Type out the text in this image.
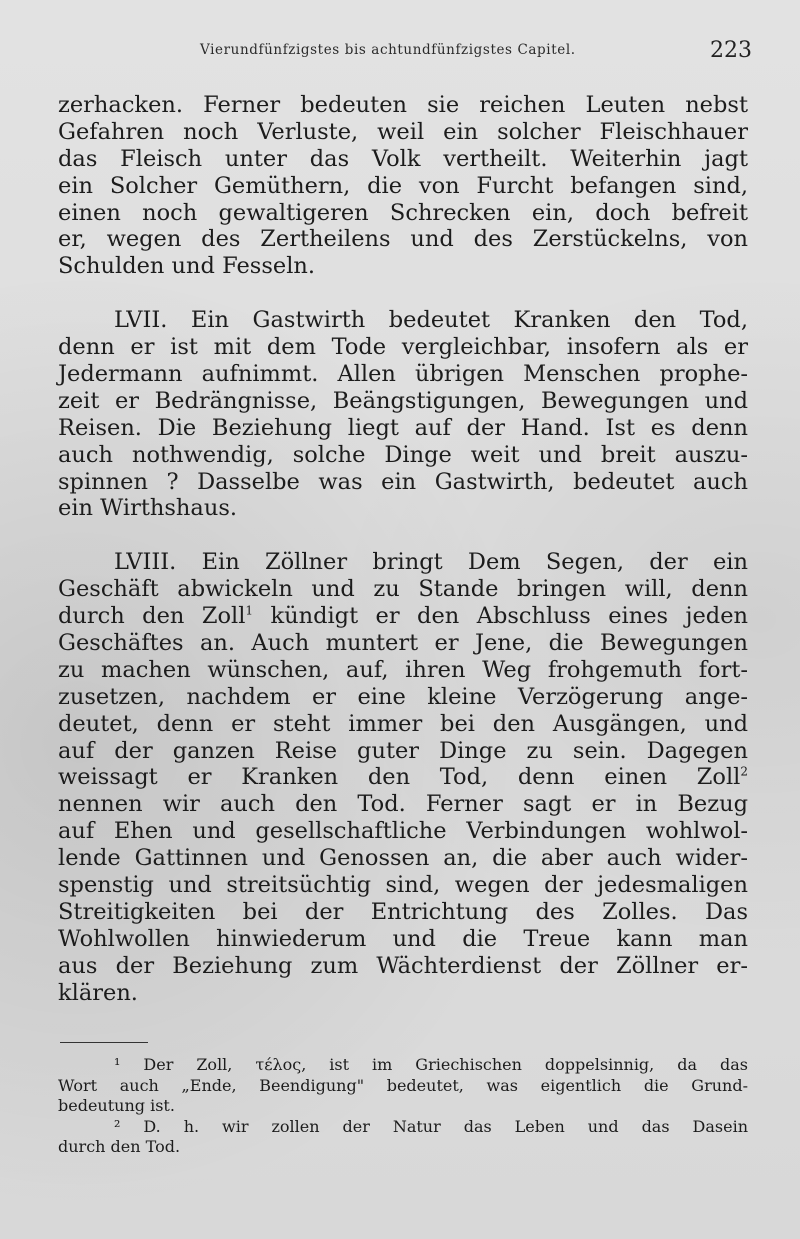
Vierundfünfzigstes bis achtundfünfzigstes Capitel.	223
zerhacken. Ferner bedeuten sie reichen Leuten nebst
Gefahren noch Verluste, weil ein solcher Fleischhauer
das Fleisch unter das Volk vertheilt. Weiterhin jagt
ein Solcher Gemüthern, die von Furcht befangen sind,
einen noch gewaltigeren Schrecken ein, doch befreit
er, wegen des Zertheilens und des Zerstückelns, von
Schulden und Fesseln.
LVII. Ein Gastwirth bedeutet Kranken den Tod,
denn er ist mit dem Tode vergleichbar, insofern als er
Jedermann aufnimmt. Allen übrigen Menschen prophe-
zeit er Bedrängnisse, Beängstigungen, Bewegungen und
Reisen. Die Beziehung liegt auf der Hand. Ist es denn
auch nothwendig, solche Dinge weit und breit auszu-
spinnen ? Dasselbe was ein Gastwirth, bedeutet auch
ein Wirthshaus.
LVIII. Ein Zöllner bringt Dem Segen, der ein
Geschäft abwickeln und zu Stande bringen will, denn
durch den Zoll$^1$ kündigt er den Abschluss eines jeden
Geschäftes an. Auch muntert er Jene, die Bewegungen
zu machen wünschen, auf, ihren Weg frohgemuth fort-
zusetzen, nachdem er eine kleine Verzögerung ange-
deutet, denn er steht immer bei den Ausgängen, und
auf der ganzen Reise guter Dinge zu sein. Dagegen
weissagt er Kranken den Tod, denn einen Zoll$^2$
nennen wir auch den Tod. Ferner sagt er in Bezug
auf Ehen und gesellschaftliche Verbindungen wohlwol-
lende Gattinnen und Genossen an, die aber auch wider-
spenstig und streitsüchtig sind, wegen der jedesmaligen
Streitigkeiten bei der Entrichtung des Zolles. Das
Wohlwollen hinwiederum und die Treue kann man
aus der Beziehung zum Wächterdienst der Zöllner er-
klären.
¹ Der Zoll, τέλος, ist im Griechischen doppelsinnig, da das
Wort auch „Ende, Beendigung" bedeutet, was eigentlich die Grund-
bedeutung ist.
² D. h. wir zollen der Natur das Leben und das Dasein
durch den Tod.
